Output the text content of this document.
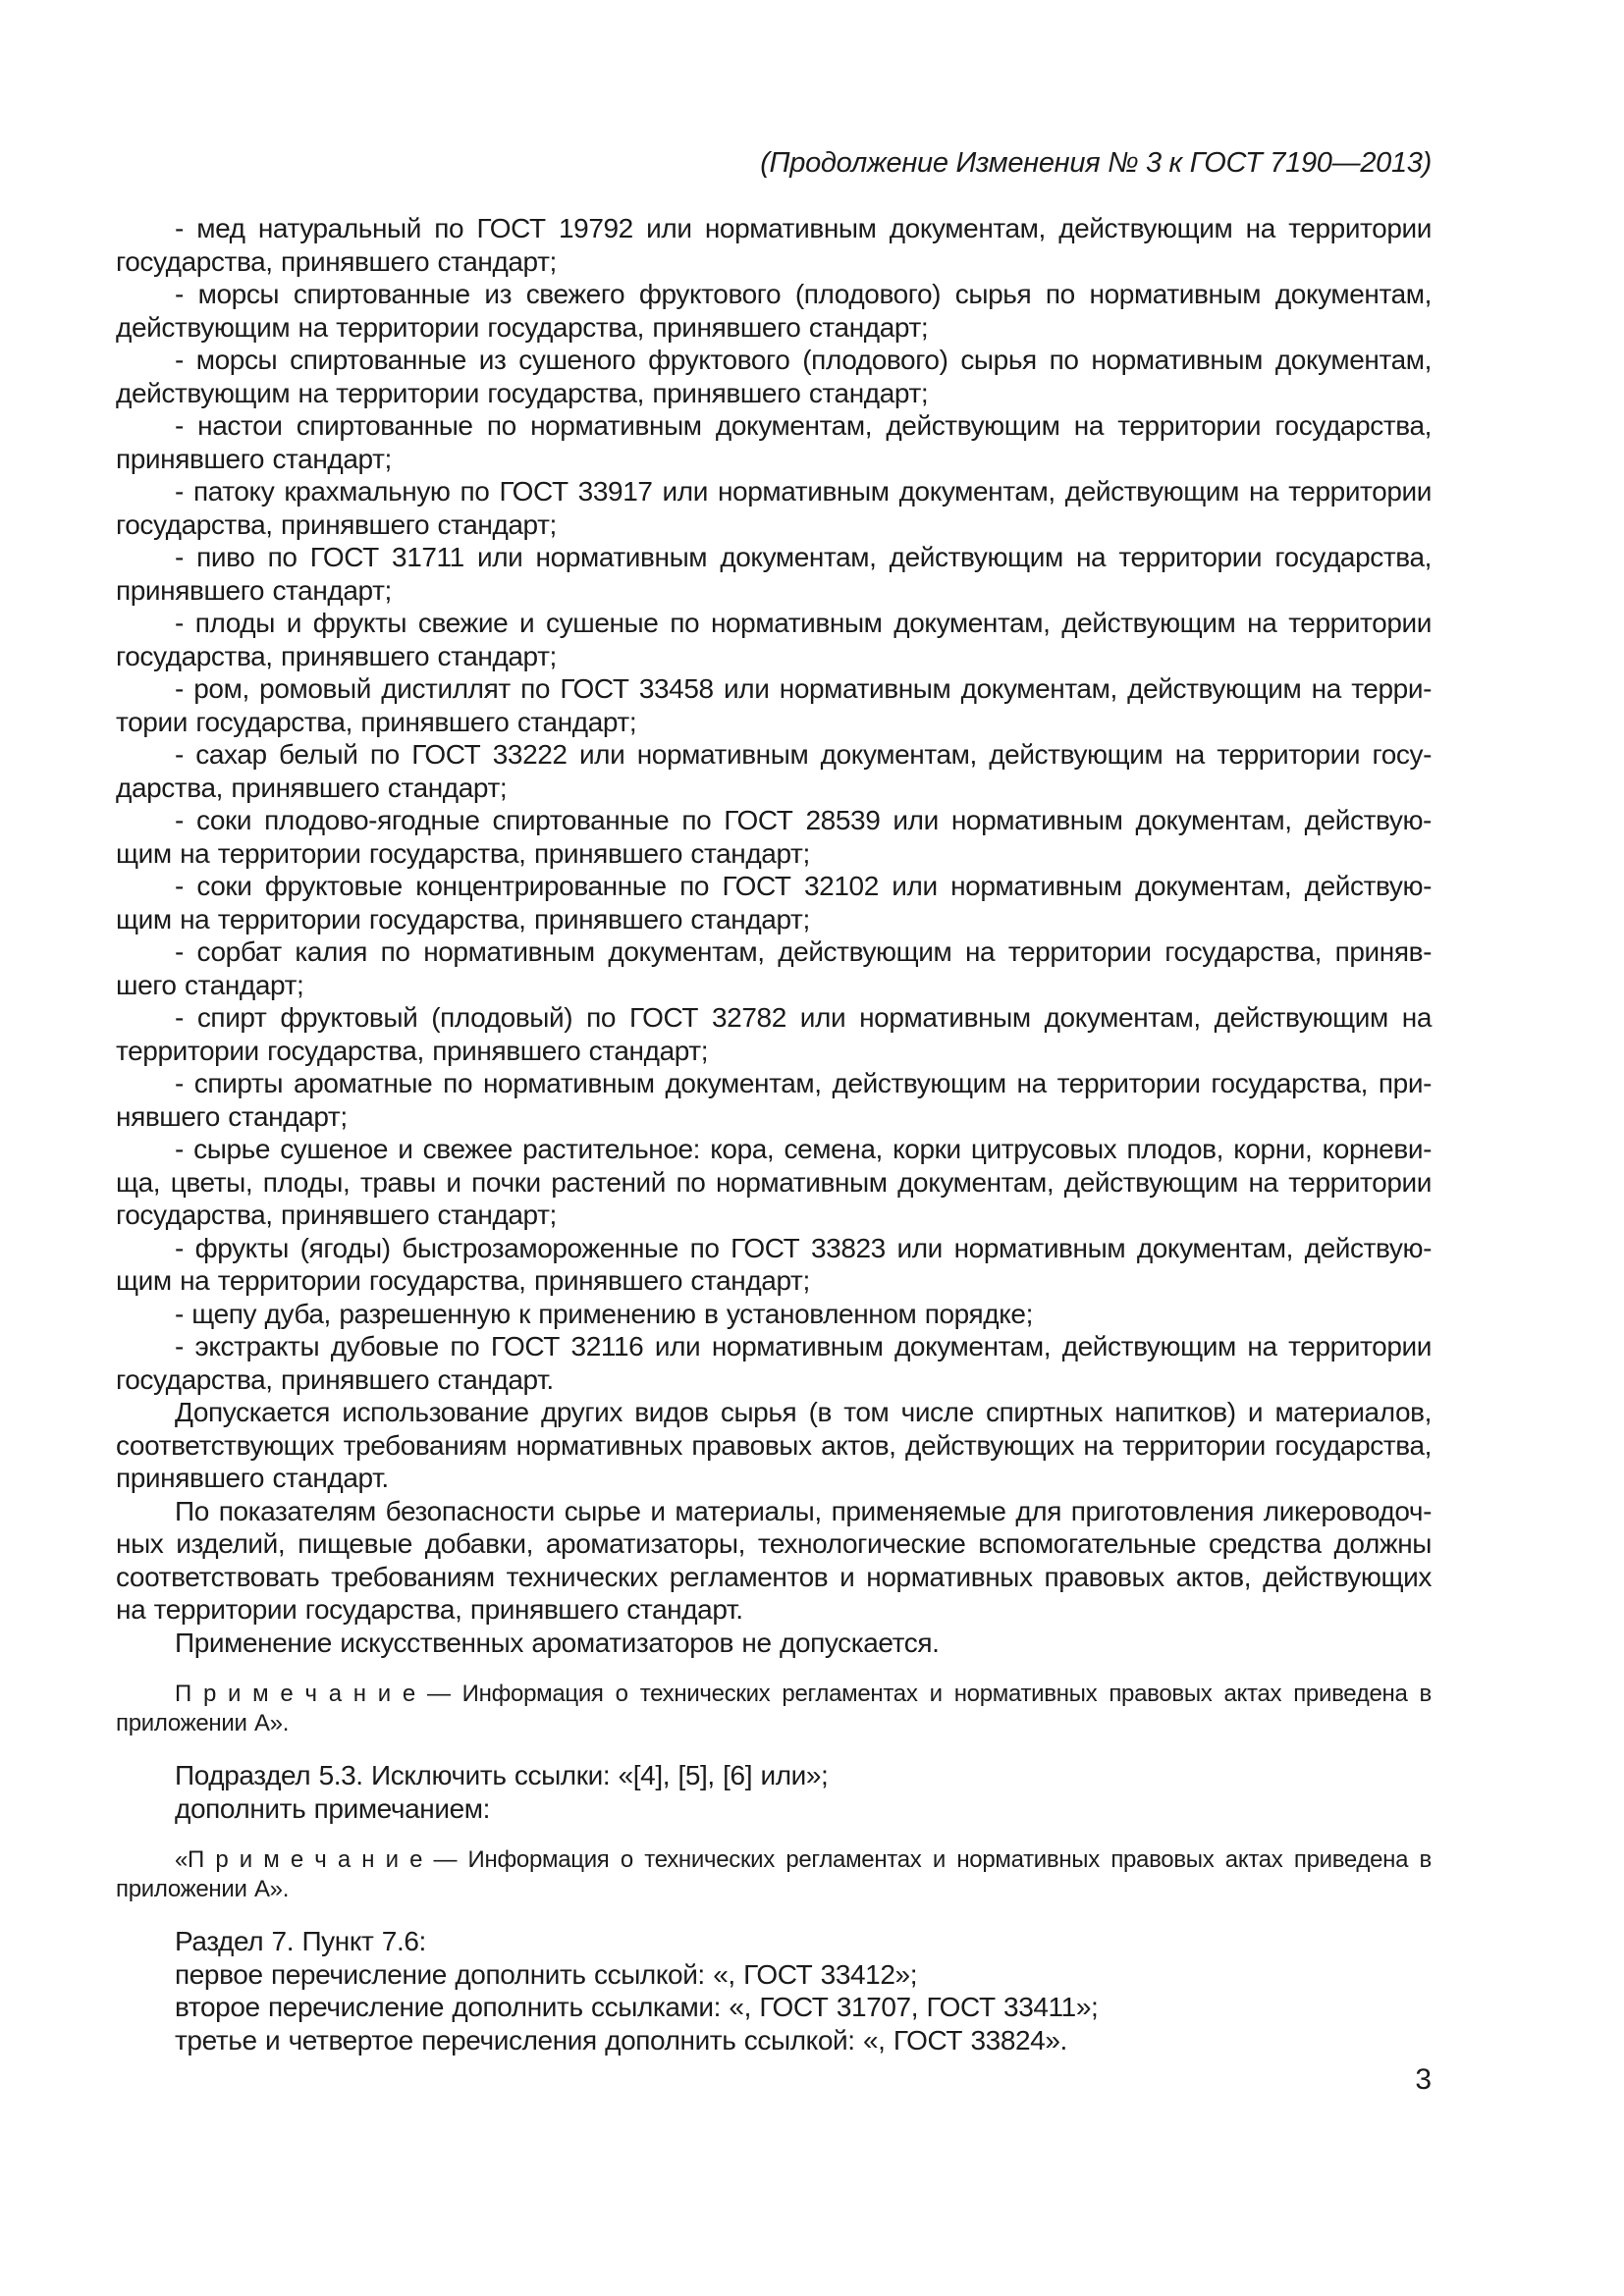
(Продолжение Изменения № 3 к ГОСТ 7190—2013)
- мед натуральный по ГОСТ 19792 или нормативным документам, действующим на территории
государства, принявшего стандарт;
- морсы спиртованные из свежего фруктового (плодового) сырья по нормативным документам,
действующим на территории государства, принявшего стандарт;
- морсы спиртованные из сушеного фруктового (плодового) сырья по нормативным документам,
действующим на территории государства, принявшего стандарт;
- настои спиртованные по нормативным документам, действующим на территории государства,
принявшего стандарт;
- патоку крахмальную по ГОСТ 33917 или нормативным документам, действующим на территории
государства, принявшего стандарт;
- пиво по ГОСТ 31711 или нормативным документам, действующим на территории государства,
принявшего стандарт;
- плоды и фрукты свежие и сушеные по нормативным документам, действующим на территории
государства, принявшего стандарт;
- ром, ромовый дистиллят по ГОСТ 33458 или нормативным документам, действующим на терри-
тории государства, принявшего стандарт;
- сахар белый по ГОСТ 33222 или нормативным документам, действующим на территории госу-
дарства, принявшего стандарт;
- соки плодово-ягодные спиртованные по ГОСТ 28539 или нормативным документам, действую-
щим на территории государства, принявшего стандарт;
- соки фруктовые концентрированные по ГОСТ 32102 или нормативным документам, действую-
щим на территории государства, принявшего стандарт;
- сорбат калия по нормативным документам, действующим на территории государства, приняв-
шего стандарт;
- спирт фруктовый (плодовый) по ГОСТ 32782 или нормативным документам, действующим на
территории государства, принявшего стандарт;
- спирты ароматные по нормативным документам, действующим на территории государства, при-
нявшего стандарт;
- сырье сушеное и свежее растительное: кора, семена, корки цитрусовых плодов, корни, корневи-
ща, цветы, плоды, травы и почки растений по нормативным документам, действующим на территории
государства, принявшего стандарт;
- фрукты (ягоды) быстрозамороженные по ГОСТ 33823 или нормативным документам, действую-
щим на территории государства, принявшего стандарт;
- щепу дуба, разрешенную к применению в установленном порядке;
- экстракты дубовые по ГОСТ 32116 или нормативным документам, действующим на территории
государства, принявшего стандарт.
Допускается использование других видов сырья (в том числе спиртных напитков) и материалов,
соответствующих требованиям нормативных правовых актов, действующих на территории государства,
принявшего стандарт.
По показателям безопасности сырье и материалы, применяемые для приготовления ликероводоч-
ных изделий, пищевые добавки, ароматизаторы, технологические вспомогательные средства должны
соответствовать требованиям технических регламентов и нормативных правовых актов, действующих
на территории государства, принявшего стандарт.
Применение искусственных ароматизаторов не допускается.
П р и м е ч а н и е — Информация о технических регламентах и нормативных правовых актах приведена в
приложении А».
Подраздел 5.3. Исключить ссылки: «[4], [5], [6] или»;
дополнить примечанием:
«П р и м е ч а н и е — Информация о технических регламентах и нормативных правовых актах приведена в
приложении А».
Раздел 7. Пункт 7.6:
первое перечисление дополнить ссылкой: «, ГОСТ 33412»;
второе перечисление дополнить ссылками: «, ГОСТ 31707, ГОСТ 33411»;
третье и четвертое перечисления дополнить ссылкой: «, ГОСТ 33824».
3
